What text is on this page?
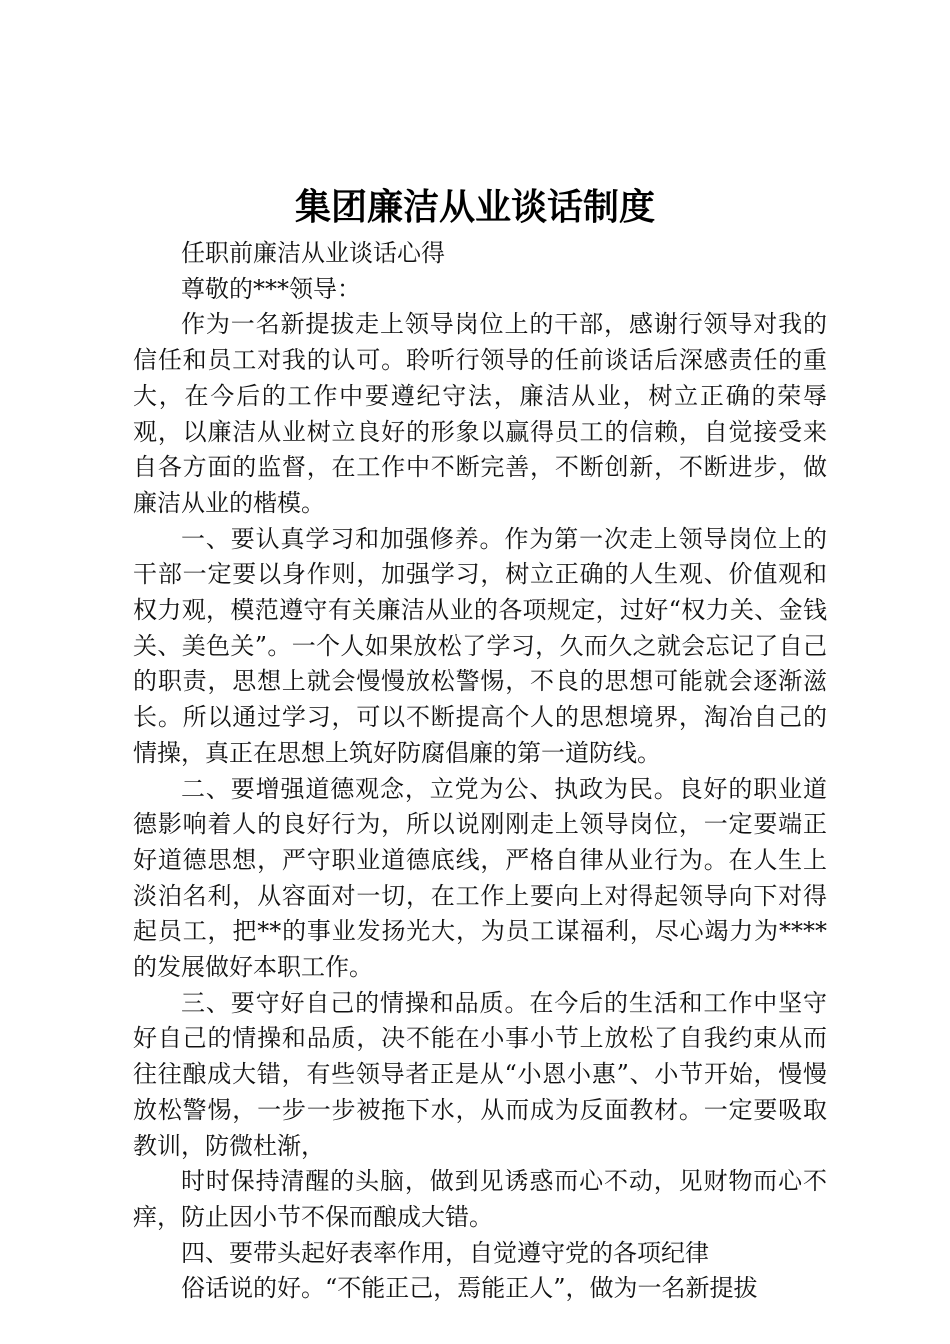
集团廉洁从业谈话制度

任职前廉洁从业谈话心得

尊敬的***领导：

作为一名新提拔走上领导岗位上的干部，感谢行领导对我的信任和员工对我的认可。聆听行领导的任前谈话后深感责任的重大，在今后的工作中要遵纪守法，廉洁从业，树立正确的荣辱观，以廉洁从业树立良好的形象以赢得员工的信赖，自觉接受来自各方面的监督，在工作中不断完善，不断创新，不断进步，做廉洁从业的楷模。

一、要认真学习和加强修养。作为第一次走上领导岗位上的干部一定要以身作则，加强学习，树立正确的人生观、价值观和权力观，模范遵守有关廉洁从业的各项规定，过好“权力关、金钱关、美色关”。一个人如果放松了学习，久而久之就会忘记了自己的职责，思想上就会慢慢放松警惕，不良的思想可能就会逐渐滋长。所以通过学习，可以不断提高个人的思想境界，淘冶自己的情操，真正在思想上筑好防腐倡廉的第一道防线。

二、要增强道德观念，立党为公、执政为民。良好的职业道德影响着人的良好行为，所以说刚刚走上领导岗位，一定要端正好道德思想，严守职业道德底线，严格自律从业行为。在人生上淡泊名利，从容面对一切，在工作上要向上对得起领导向下对得起员工，把**的事业发扬光大，为员工谋福利，尽心竭力为****的发展做好本职工作。

三、要守好自己的情操和品质。在今后的生活和工作中坚守好自己的情操和品质，决不能在小事小节上放松了自我约束从而往往酿成大错，有些领导者正是从“小恩小惠”、小节开始，慢慢放松警惕，一步一步被拖下水，从而成为反面教材。一定要吸取教训，防微杜渐，

时时保持清醒的头脑，做到见诱惑而心不动，见财物而心不痒，防止因小节不保而酿成大错。

四、要带头起好表率作用，自觉遵守党的各项纪律

俗话说的好。“不能正己，焉能正人”，做为一名新提拔
